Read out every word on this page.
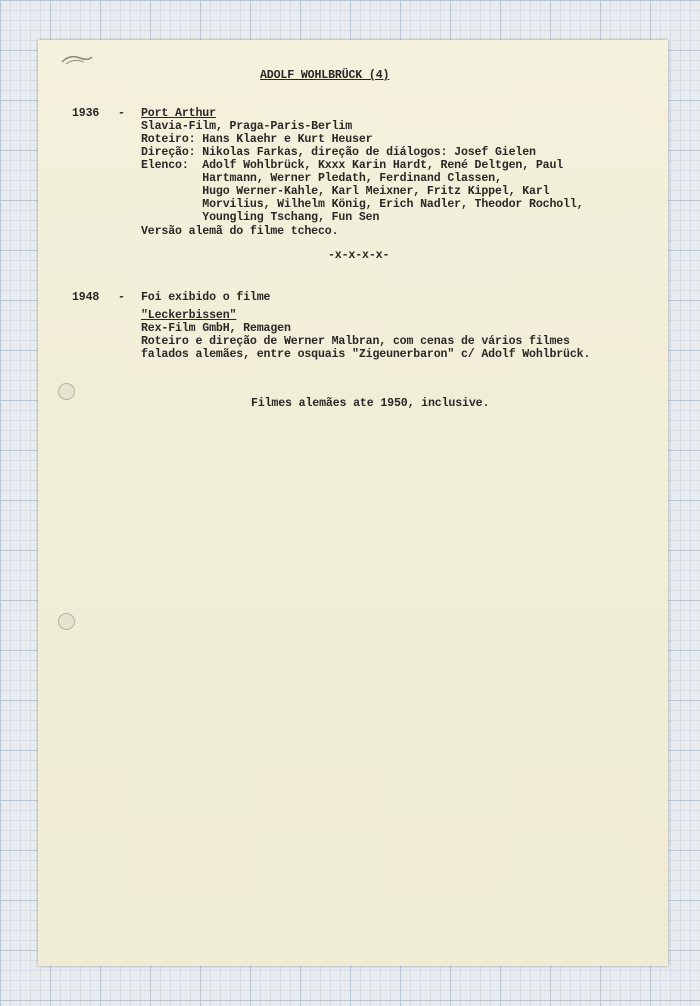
ADOLF WOHLBRÜCK (4)
1936 - Port Arthur
Slavia-Film, Praga-Paris-Berlim
Roteiro: Hans Klaehr e Kurt Heuser
Direção: Nikolas Farkas, direção de diálogos: Josef Gielen
Elenco:  Adolf Wohlbrück, Kxxx Karin Hardt, René Deltgen, Paul
Hartmann, Werner Pledath, Ferdinand Classen,
Hugo Werner-Kahle, Karl Meixner, Fritz Kippel, Karl
Morvilius, Wilhelm König, Erich Nadler, Theodor Rocholl,
Youngling Tschang, Fun Sen
Versão alemã do filme tcheco.
-x-x-x-x-
1948 - Foi exibido o filme
"Leckerbissen"
Rex-Film GmbH, Remagen
Roteiro e direção de Werner Malbran, com cenas de vários filmes
falados alemães, entre osquais "Zigeunerbaron" c/ Adolf Wohlbrück.
Filmes alemães ate 1950, inclusive.
